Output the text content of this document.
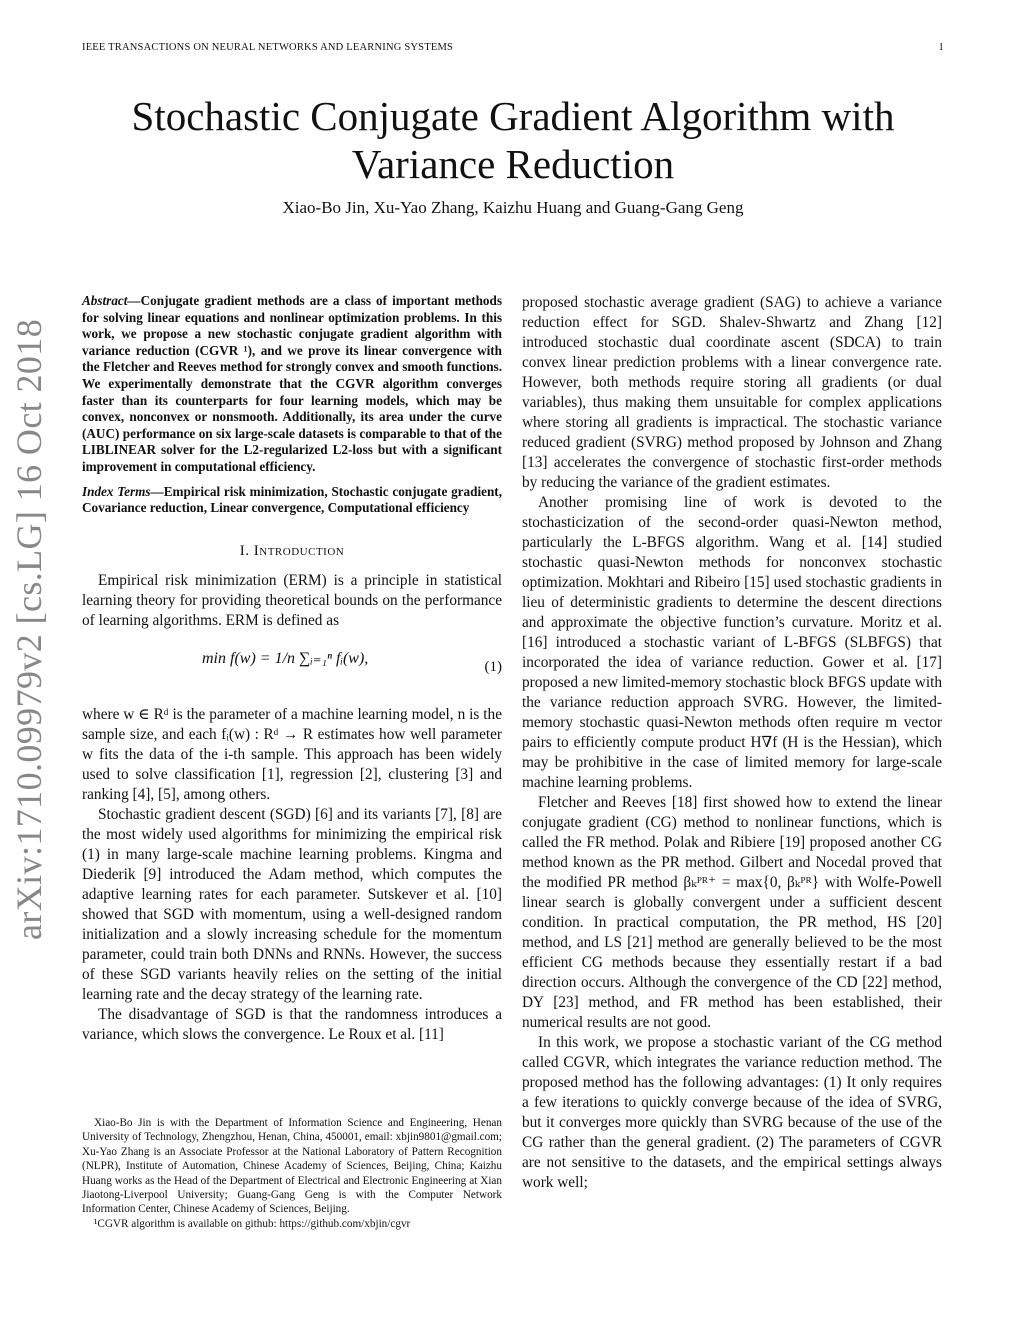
IEEE TRANSACTIONS ON NEURAL NETWORKS AND LEARNING SYSTEMS	1
arXiv:1710.09979v2 [cs.LG] 16 Oct 2018
Stochastic Conjugate Gradient Algorithm with Variance Reduction
Xiao-Bo Jin, Xu-Yao Zhang, Kaizhu Huang and Guang-Gang Geng
Abstract—Conjugate gradient methods are a class of important methods for solving linear equations and nonlinear optimization problems. In this work, we propose a new stochastic conjugate gradient algorithm with variance reduction (CGVR ¹), and we prove its linear convergence with the Fletcher and Reeves method for strongly convex and smooth functions. We experimentally demonstrate that the CGVR algorithm converges faster than its counterparts for four learning models, which may be convex, nonconvex or nonsmooth. Additionally, its area under the curve (AUC) performance on six large-scale datasets is comparable to that of the LIBLINEAR solver for the L2-regularized L2-loss but with a significant improvement in computational efficiency.
Index Terms—Empirical risk minimization, Stochastic conjugate gradient, Covariance reduction, Linear convergence, Computational efficiency
I. Introduction

Empirical risk minimization (ERM) is a principle in statistical learning theory for providing theoretical bounds on the performance of learning algorithms. ERM is defined as

min f(w) = 1/n ∑ᵢ₌₁ⁿ fᵢ(w),	(1)

where w ∈ Rᵈ is the parameter of a machine learning model, n is the sample size, and each fᵢ(w) : Rᵈ → R estimates how well parameter w fits the data of the i-th sample. This approach has been widely used to solve classification [1], regression [2], clustering [3] and ranking [4], [5], among others.

Stochastic gradient descent (SGD) [6] and its variants [7], [8] are the most widely used algorithms for minimizing the empirical risk (1) in many large-scale machine learning problems. Kingma and Diederik [9] introduced the Adam method, which computes the adaptive learning rates for each parameter. Sutskever et al. [10] showed that SGD with momentum, using a well-designed random initialization and a slowly increasing schedule for the momentum parameter, could train both DNNs and RNNs. However, the success of these SGD variants heavily relies on the setting of the initial learning rate and the decay strategy of the learning rate.

The disadvantage of SGD is that the randomness introduces a variance, which slows the convergence. Le Roux et al. [11]

Xiao-Bo Jin is with the Department of Information Science and Engineering, Henan University of Technology, Zhengzhou, Henan, China, 450001, email: xbjin9801@gmail.com; Xu-Yao Zhang is an Associate Professor at the National Laboratory of Pattern Recognition (NLPR), Institute of Automation, Chinese Academy of Sciences, Beijing, China; Kaizhu Huang works as the Head of the Department of Electrical and Electronic Engineering at Xian Jiaotong-Liverpool University; Guang-Gang Geng is with the Computer Network Information Center, Chinese Academy of Sciences, Beijing.

¹CGVR algorithm is available on github: https://github.com/xbjin/cgvr

proposed stochastic average gradient (SAG) to achieve a variance reduction effect for SGD. Shalev-Shwartz and Zhang [12] introduced stochastic dual coordinate ascent (SDCA) to train convex linear prediction problems with a linear convergence rate. However, both methods require storing all gradients (or dual variables), thus making them unsuitable for complex applications where storing all gradients is impractical. The stochastic variance reduced gradient (SVRG) method proposed by Johnson and Zhang [13] accelerates the convergence of stochastic first-order methods by reducing the variance of the gradient estimates.

Another promising line of work is devoted to the stochasticization of the second-order quasi-Newton method, particularly the L-BFGS algorithm. Wang et al. [14] studied stochastic quasi-Newton methods for nonconvex stochastic optimization. Mokhtari and Ribeiro [15] used stochastic gradients in lieu of deterministic gradients to determine the descent directions and approximate the objective function’s curvature. Moritz et al. [16] introduced a stochastic variant of L-BFGS (SLBFGS) that incorporated the idea of variance reduction. Gower et al. [17] proposed a new limited-memory stochastic block BFGS update with the variance reduction approach SVRG. However, the limited-memory stochastic quasi-Newton methods often require m vector pairs to efficiently compute product H∇f (H is the Hessian), which may be prohibitive in the case of limited memory for large-scale machine learning problems.

Fletcher and Reeves [18] first showed how to extend the linear conjugate gradient (CG) method to nonlinear functions, which is called the FR method. Polak and Ribiere [19] proposed another CG method known as the PR method. Gilbert and Nocedal proved that the modified PR method βₖᴾᴿ⁺ = max{0, βₖᴾᴿ} with Wolfe-Powell linear search is globally convergent under a sufficient descent condition. In practical computation, the PR method, HS [20] method, and LS [21] method are generally believed to be the most efficient CG methods because they essentially restart if a bad direction occurs. Although the convergence of the CD [22] method, DY [23] method, and FR method has been established, their numerical results are not good.

In this work, we propose a stochastic variant of the CG method called CGVR, which integrates the variance reduction method. The proposed method has the following advantages: (1) It only requires a few iterations to quickly converge because of the idea of SVRG, but it converges more quickly than SVRG because of the use of the CG rather than the general gradient. (2) The parameters of CGVR are not sensitive to the datasets, and the empirical settings always work well;
